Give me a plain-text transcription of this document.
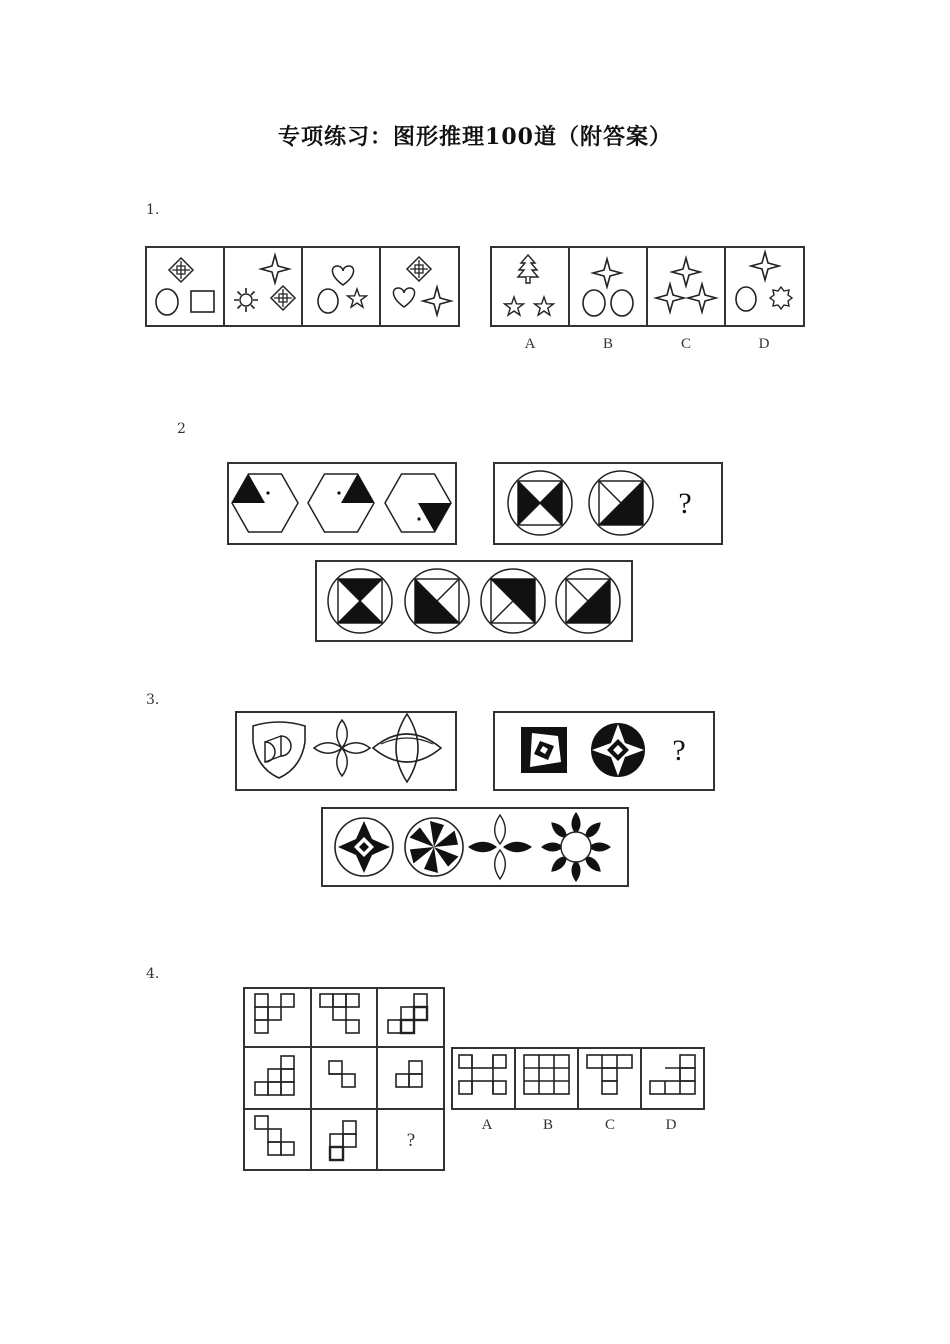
专项练习：图形推理100道（附答案）
1.
2
3.
4.
A	B	C	D
?
?
?
A	B	C	D
